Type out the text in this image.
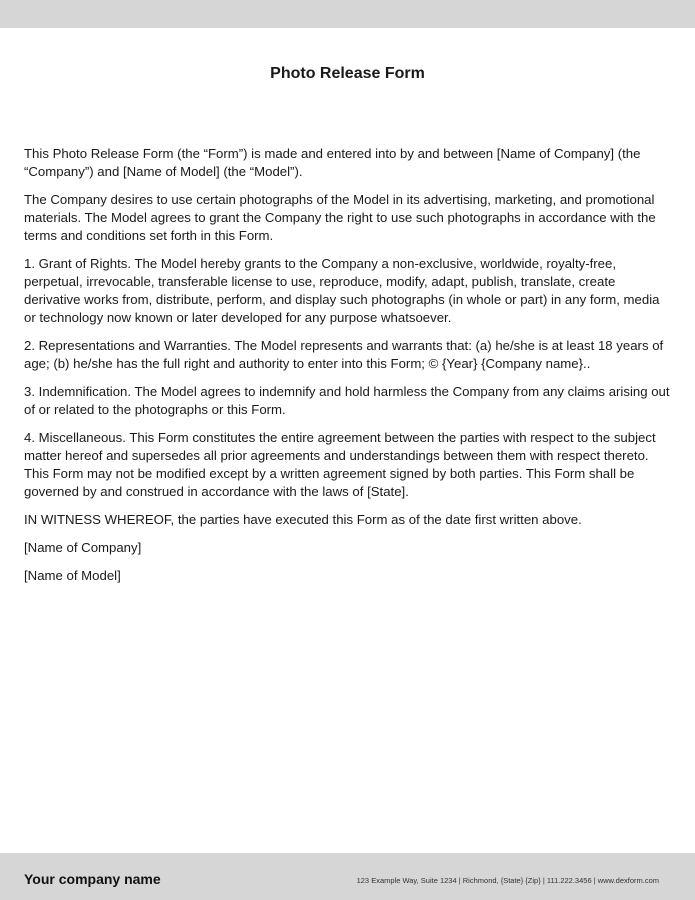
Photo Release Form

This Photo Release Form (the “Form”) is made and entered into by and between [Name of Company] (the “Company”) and [Name of Model] (the “Model”).

The Company desires to use certain photographs of the Model in its advertising, marketing, and promotional materials. The Model agrees to grant the Company the right to use such photographs in accordance with the terms and conditions set forth in this Form.

1. Grant of Rights. The Model hereby grants to the Company a non-exclusive, worldwide, royalty-free, perpetual, irrevocable, transferable license to use, reproduce, modify, adapt, publish, translate, create derivative works from, distribute, perform, and display such photographs (in whole or part) in any form, media or technology now known or later developed for any purpose whatsoever.

2. Representations and Warranties. The Model represents and warrants that: (a) he/she is at least 18 years of age; (b) he/she has the full right and authority to enter into this Form; © {Year} {Company name}..

3. Indemnification. The Model agrees to indemnify and hold harmless the Company from any claims arising out of or related to the photographs or this Form.

4. Miscellaneous. This Form constitutes the entire agreement between the parties with respect to the subject matter hereof and supersedes all prior agreements and understandings between them with respect thereto. This Form may not be modified except by a written agreement signed by both parties. This Form shall be governed by and construed in accordance with the laws of [State].

IN WITNESS WHEREOF, the parties have executed this Form as of the date first written above.

[Name of Company]

[Name of Model]

Your company name	123 Example Way, Suite 1234 | Richmond, {State} {Zip} | 111.222.3456 | www.dexform.com
